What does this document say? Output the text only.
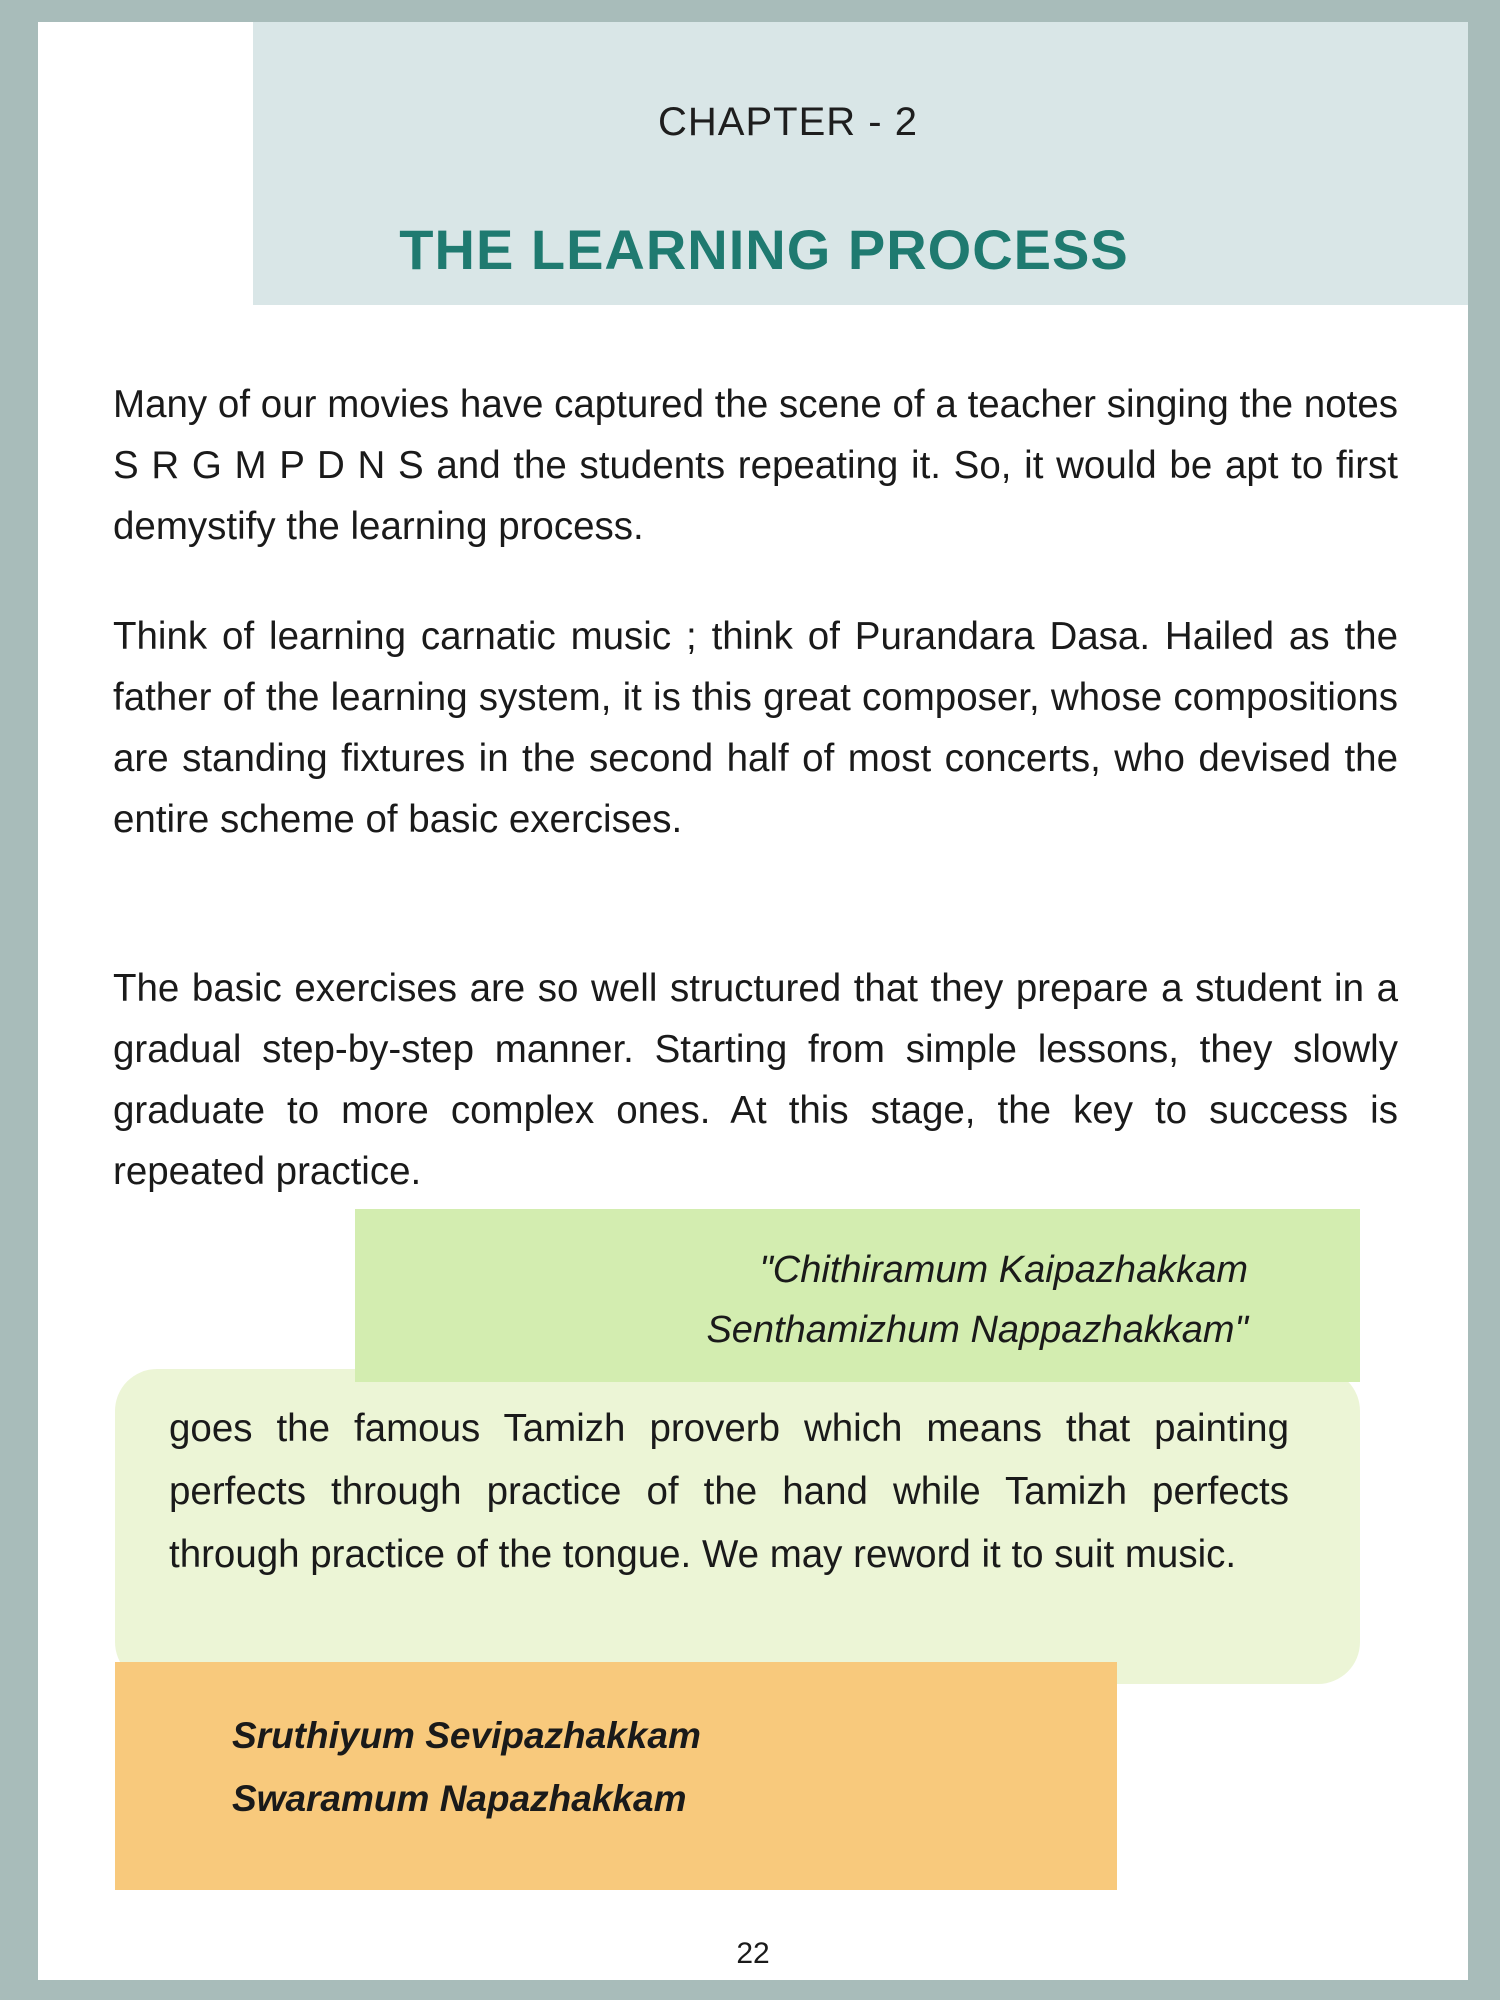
CHAPTER - 2
THE LEARNING PROCESS

Many of our movies have captured the scene of a teacher singing the notes S R G M P D N S and the students repeating it. So, it would be apt to first demystify the learning process.

Think of learning carnatic music ; think of Purandara Dasa. Hailed as the father of the learning system, it is this great composer, whose compositions are standing fixtures in the second half of most concerts, who devised the entire scheme of basic exercises.

The basic exercises are so well structured that they prepare a student in a gradual step-by-step manner. Starting from simple lessons, they slowly graduate to more complex ones. At this stage, the key to success is repeated practice.

goes the famous Tamizh proverb which means that painting perfects through practice of the hand while Tamizh perfects through practice of the tongue. We may reword it to suit music.

"Chithiramum Kaipazhakkam
Senthamizhum Nappazhakkam"
Sruthiyum Sevipazhakkam
Swaramum Napazhakkam
22
